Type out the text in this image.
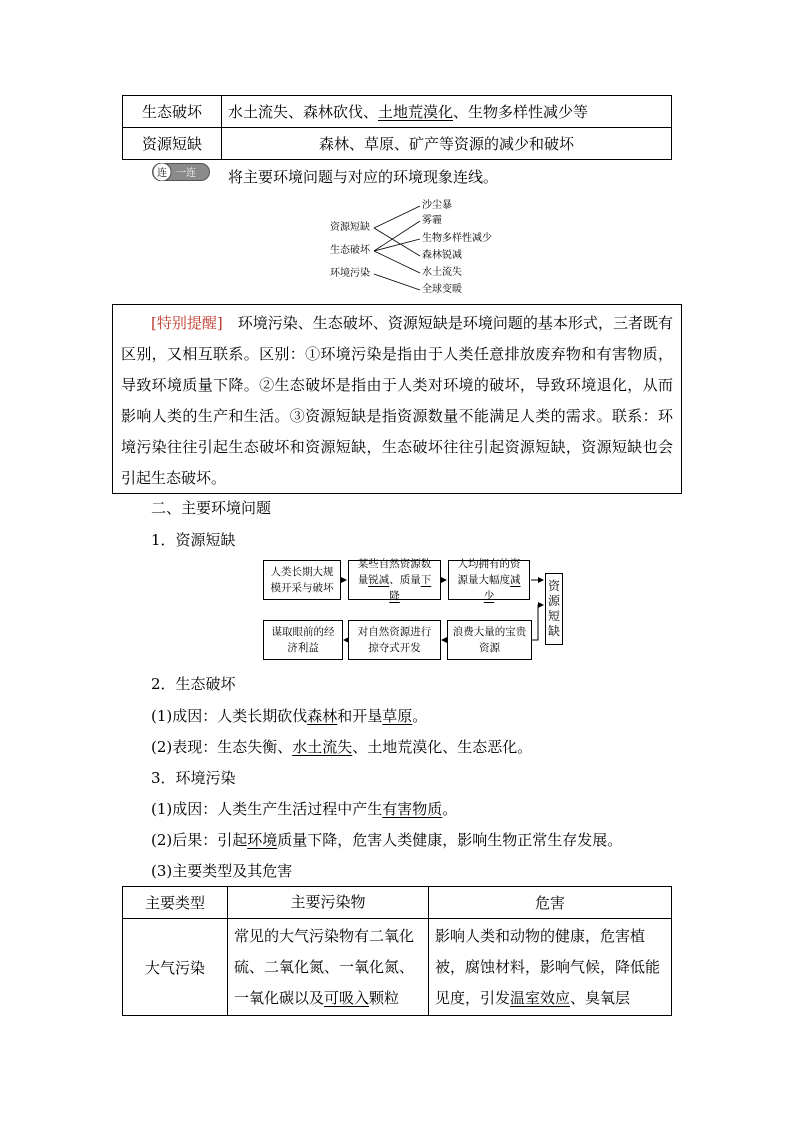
生态破坏	水土流失、森林砍伐、土地荒漠化、生物多样性减少等
资源短缺	森林、草原、矿产等资源的减少和破坏
一连
连	将主要环境问题与对应的环境现象连线。
资源短缺
生态破坏
环境污染
沙尘暴
雾霾
生物多样性减少
森林锐减
水土流失
全球变暖
  [特别提醒]  环境污染、生态破坏、资源短缺是环境问题的基本形式，三者既有区别，又相互联系。区别：①环境污染是指由于人类任意排放废弃物和有害物质，导致环境质量下降。②生态破坏是指由于人类对环境的破坏，导致环境退化，从而影响人类的生产和生活。③资源短缺是指资源数量不能满足人类的需求。联系：环境污染往往引起生态破坏和资源短缺，生态破坏往往引起资源短缺，资源短缺也会引起生态破坏。
二、主要环境问题
1．资源短缺
人类长期大规模开采与破坏
某些自然资源数量锐减、质量下降
人均拥有的资源量大幅度减少
资
源
短
缺
浪费大量的宝贵资源
对自然资源进行掠夺式开发
谋取眼前的经济利益
2．生态破坏
(1)成因：人类长期砍伐森林和开垦草原。
(2)表现：生态失衡、水土流失、土地荒漠化、生态恶化。
3．环境污染
(1)成因：人类生产生活过程中产生有害物质。
(2)后果：引起环境质量下降，危害人类健康，影响生物正常生存发展。
(3)主要类型及其危害
主要类型	主要污染物	危害
大气污染	常见的大气污染物有二氧化硫、二氧化氮、一氧化氮、一氧化碳以及可吸入颗粒	影响人类和动物的健康，危害植被，腐蚀材料，影响气候，降低能见度，引发温室效应、臭氧层
